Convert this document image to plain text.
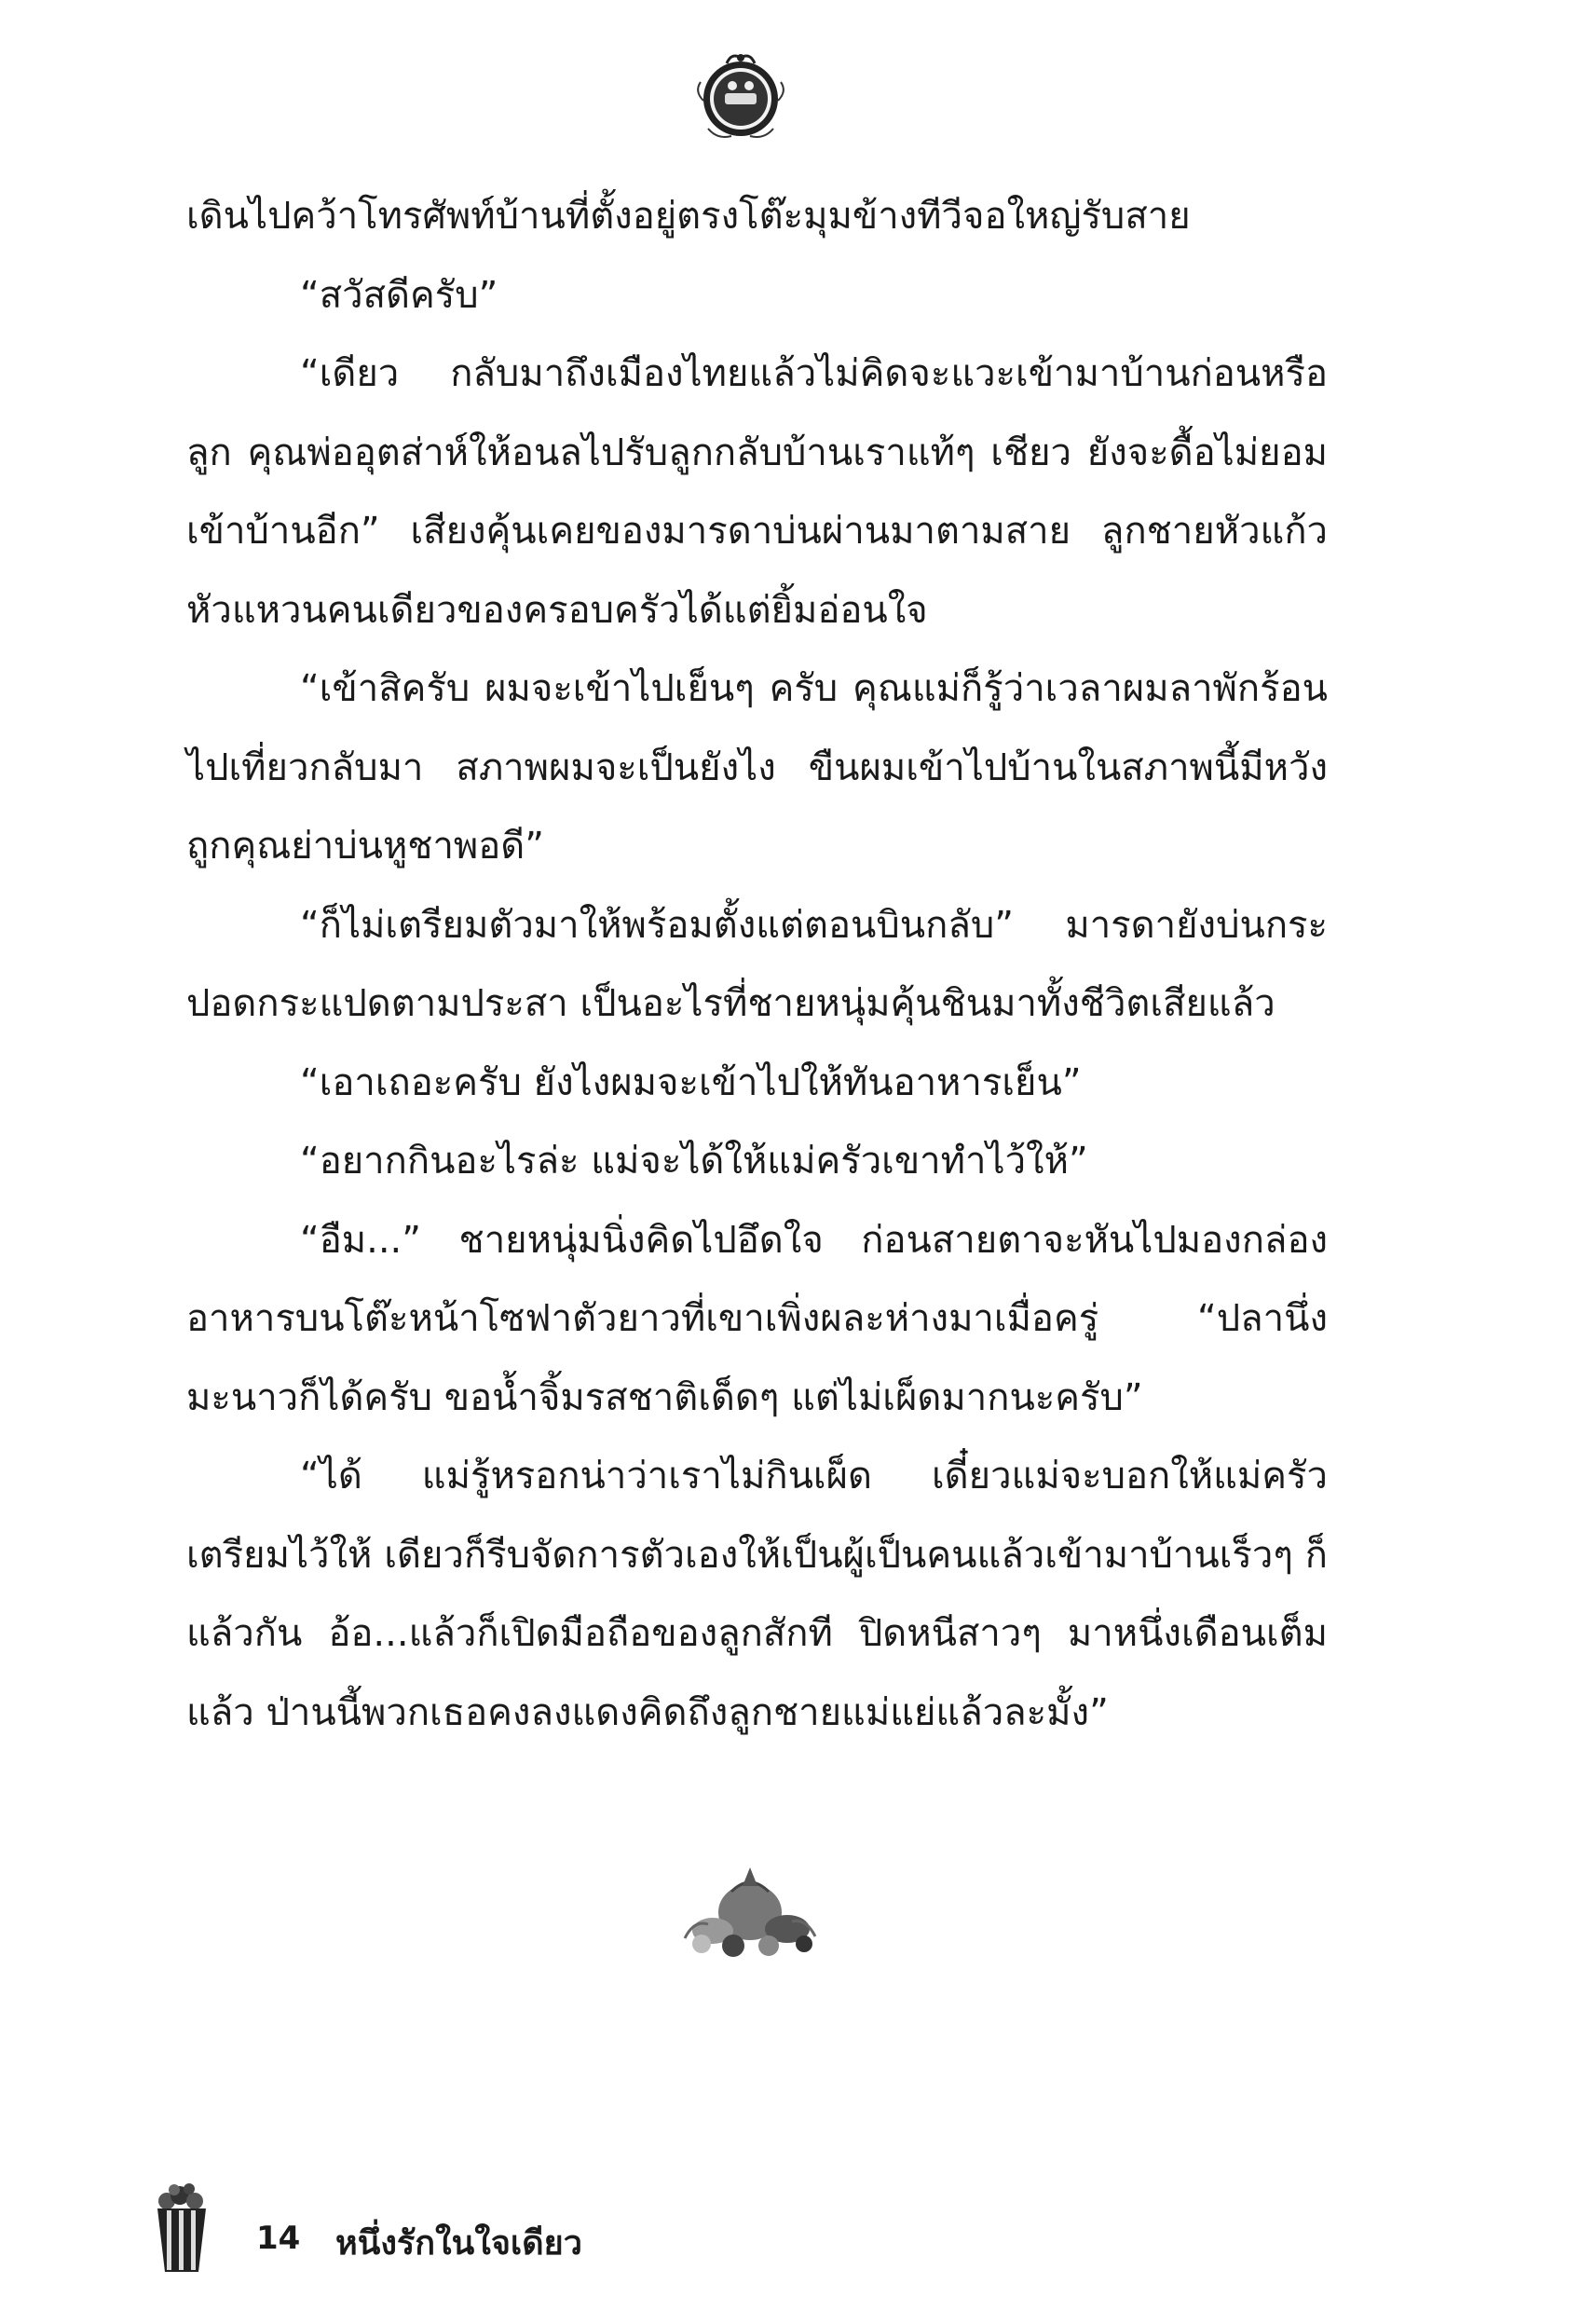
เดินไปคว้าโทรศัพท์บ้านที่ตั้งอยู่ตรงโต๊ะมุมข้างทีวีจอใหญ่รับสาย

“สวัสดีครับ”

“เดียว กลับมาถึงเมืองไทยแล้วไม่คิดจะแวะเข้ามาบ้านก่อนหรือลูก คุณพ่ออุตส่าห์ให้อนลไปรับลูกกลับบ้านเราแท้ๆ เชียว ยังจะดื้อไม่ยอมเข้าบ้านอีก” เสียงคุ้นเคยของมารดาบ่นผ่านมาตามสาย ลูกชายหัวแก้วหัวแหวนคนเดียวของครอบครัวได้แต่ยิ้มอ่อนใจ

“เข้าสิครับ ผมจะเข้าไปเย็นๆ ครับ คุณแม่ก็รู้ว่าเวลาผมลาพักร้อนไปเที่ยวกลับมา สภาพผมจะเป็นยังไง ขืนผมเข้าไปบ้านในสภาพนี้มีหวังถูกคุณย่าบ่นหูชาพอดี”

“ก็ไม่เตรียมตัวมาให้พร้อมตั้งแต่ตอนบินกลับ” มารดายังบ่นกระปอดกระแปดตามประสา เป็นอะไรที่ชายหนุ่มคุ้นชินมาทั้งชีวิตเสียแล้ว

“เอาเถอะครับ ยังไงผมจะเข้าไปให้ทันอาหารเย็น”

“อยากกินอะไรล่ะ แม่จะได้ให้แม่ครัวเขาทำไว้ให้”

“อืม...” ชายหนุ่มนิ่งคิดไปอึดใจ ก่อนสายตาจะหันไปมองกล่องอาหารบนโต๊ะหน้าโซฟาตัวยาวที่เขาเพิ่งผละห่างมาเมื่อครู่ “ปลานึ่งมะนาวก็ได้ครับ ขอน้ำจิ้มรสชาติเด็ดๆ แต่ไม่เผ็ดมากนะครับ”

“ได้ แม่รู้หรอกน่าว่าเราไม่กินเผ็ด เดี๋ยวแม่จะบอกให้แม่ครัวเตรียมไว้ให้ เดียวก็รีบจัดการตัวเองให้เป็นผู้เป็นคนแล้วเข้ามาบ้านเร็วๆ ก็แล้วกัน อ้อ...แล้วก็เปิดมือถือของลูกสักที ปิดหนีสาวๆ มาหนึ่งเดือนเต็มแล้ว ป่านนี้พวกเธอคงลงแดงคิดถึงลูกชายแม่แย่แล้วละมั้ง”

14 หนึ่งรักในใจเดียว
